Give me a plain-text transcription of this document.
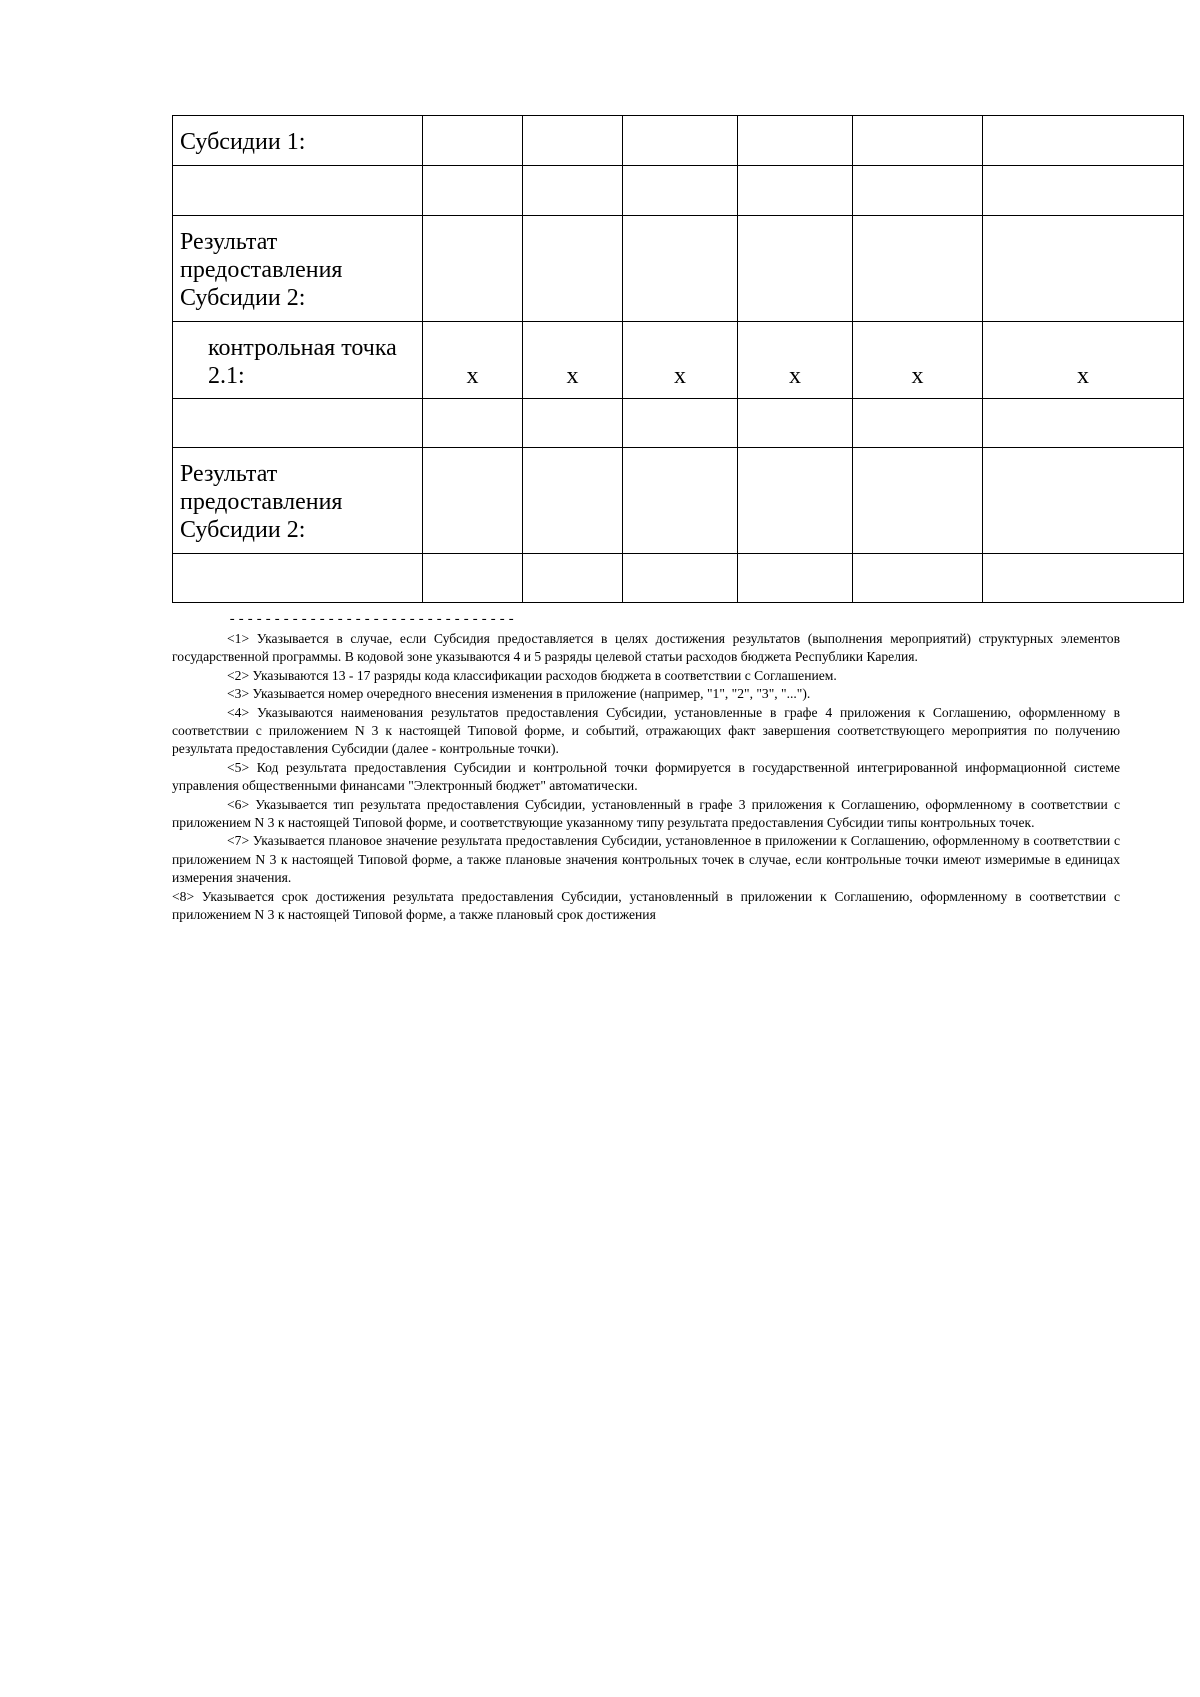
Субсидии 1:						

Результат предоставления Субсидии 2:						
контрольная точка 2.1:	x	x	x	x	x	x

Результат предоставления Субсидии 2:						

--------------------------------

<1> Указывается в случае, если Субсидия предоставляется в целях достижения результатов (выполнения мероприятий) структурных элементов государственной программы. В кодовой зоне указываются 4 и 5 разряды целевой статьи расходов бюджета Республики Карелия.

<2> Указываются 13 - 17 разряды кода классификации расходов бюджета в соответствии с Соглашением.

<3> Указывается номер очередного внесения изменения в приложение (например, "1", "2", "3", "...").

<4> Указываются наименования результатов предоставления Субсидии, установленные в графе 4 приложения к Соглашению, оформленному в соответствии с приложением N 3 к настоящей Типовой форме, и событий, отражающих факт завершения соответствующего мероприятия по получению результата предоставления Субсидии (далее - контрольные точки).

<5> Код результата предоставления Субсидии и контрольной точки формируется в государственной интегрированной информационной системе управления общественными финансами "Электронный бюджет" автоматически.

<6> Указывается тип результата предоставления Субсидии, установленный в графе 3 приложения к Соглашению, оформленному в соответствии с приложением N 3 к настоящей Типовой форме, и соответствующие указанному типу результата предоставления Субсидии типы контрольных точек.

<7> Указывается плановое значение результата предоставления Субсидии, установленное в приложении к Соглашению, оформленному в соответствии с приложением N 3 к настоящей Типовой форме, а также плановые значения контрольных точек в случае, если контрольные точки имеют измеримые в единицах измерения значения.

<8> Указывается срок достижения результата предоставления Субсидии, установленный в приложении к Соглашению, оформленному в соответствии с приложением N 3 к настоящей Типовой форме, а также плановый срок достижения
